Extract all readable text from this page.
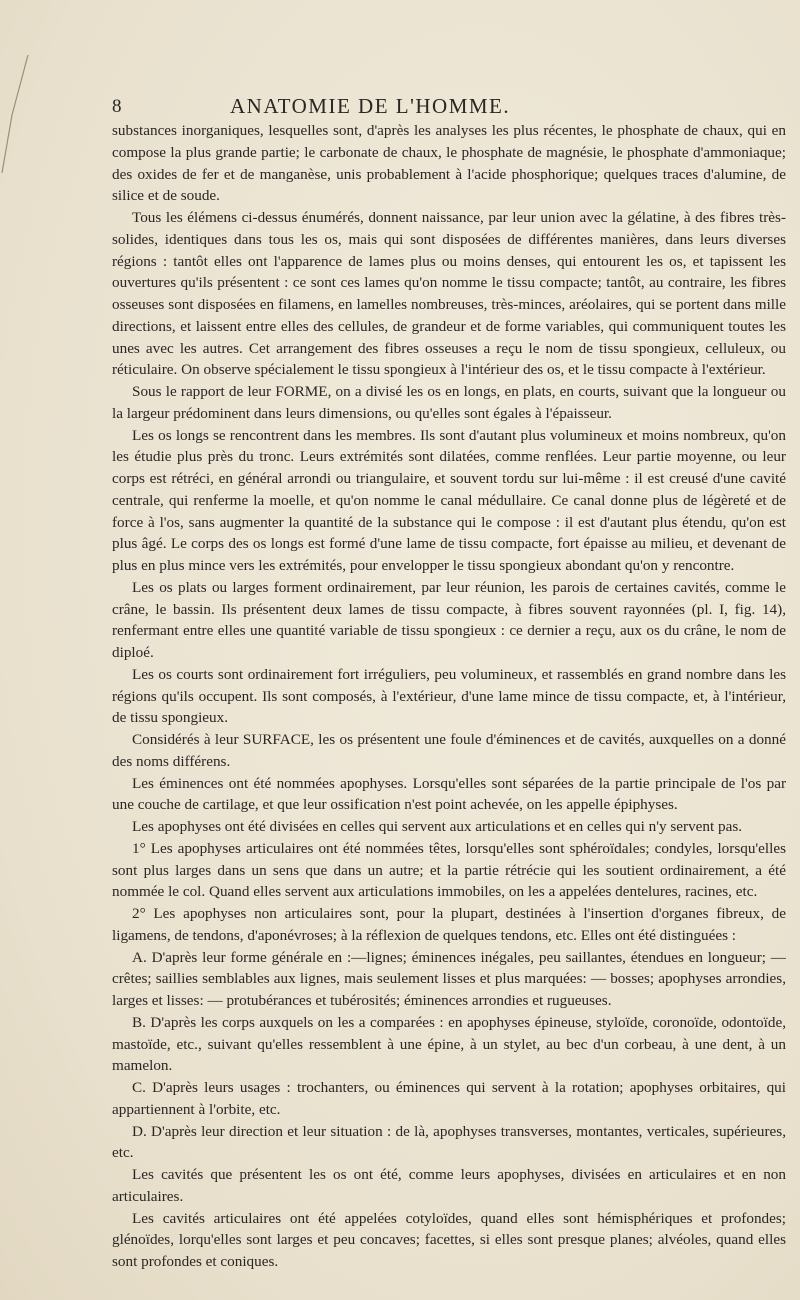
8	ANATOMIE DE L'HOMME.

substances inorganiques, lesquelles sont, d'après les analyses les plus récentes, le phosphate de chaux, qui en compose la plus grande partie; le carbonate de chaux, le phosphate de magnésie, le phosphate d'ammoniaque; des oxides de fer et de manganèse, unis probablement à l'acide phosphorique; quelques traces d'alumine, de silice et de soude.

Tous les élémens ci-dessus énumérés, donnent naissance, par leur union avec la gélatine, à des fibres très-solides, identiques dans tous les os, mais qui sont disposées de différentes manières, dans leurs diverses régions : tantôt elles ont l'apparence de lames plus ou moins denses, qui entourent les os, et tapissent les ouvertures qu'ils présentent : ce sont ces lames qu'on nomme le tissu compacte; tantôt, au contraire, les fibres osseuses sont disposées en filamens, en lamelles nombreuses, très-minces, aréolaires, qui se portent dans mille directions, et laissent entre elles des cellules, de grandeur et de forme variables, qui communiquent toutes les unes avec les autres. Cet arrangement des fibres osseuses a reçu le nom de tissu spongieux, celluleux, ou réticulaire. On observe spécialement le tissu spongieux à l'intérieur des os, et le tissu compacte à l'extérieur.

Sous le rapport de leur FORME, on a divisé les os en longs, en plats, en courts, suivant que la longueur ou la largeur prédominent dans leurs dimensions, ou qu'elles sont égales à l'épaisseur.

Les os longs se rencontrent dans les membres. Ils sont d'autant plus volumineux et moins nombreux, qu'on les étudie plus près du tronc. Leurs extrémités sont dilatées, comme renflées. Leur partie moyenne, ou leur corps est rétréci, en général arrondi ou triangulaire, et souvent tordu sur lui-même : il est creusé d'une cavité centrale, qui renferme la moelle, et qu'on nomme le canal médullaire. Ce canal donne plus de légèreté et de force à l'os, sans augmenter la quantité de la substance qui le compose : il est d'autant plus étendu, qu'on est plus âgé. Le corps des os longs est formé d'une lame de tissu compacte, fort épaisse au milieu, et devenant de plus en plus mince vers les extrémités, pour envelopper le tissu spongieux abondant qu'on y rencontre.

Les os plats ou larges forment ordinairement, par leur réunion, les parois de certaines cavités, comme le crâne, le bassin. Ils présentent deux lames de tissu compacte, à fibres souvent rayonnées (pl. I, fig. 14), renfermant entre elles une quantité variable de tissu spongieux : ce dernier a reçu, aux os du crâne, le nom de diploé.

Les os courts sont ordinairement fort irréguliers, peu volumineux, et rassemblés en grand nombre dans les régions qu'ils occupent. Ils sont composés, à l'extérieur, d'une lame mince de tissu compacte, et, à l'intérieur, de tissu spongieux.

Considérés à leur SURFACE, les os présentent une foule d'éminences et de cavités, auxquelles on a donné des noms différens.

Les éminences ont été nommées apophyses. Lorsqu'elles sont séparées de la partie principale de l'os par une couche de cartilage, et que leur ossification n'est point achevée, on les appelle épiphyses.

Les apophyses ont été divisées en celles qui servent aux articulations et en celles qui n'y servent pas.

1° Les apophyses articulaires ont été nommées têtes, lorsqu'elles sont sphéroïdales; condyles, lorsqu'elles sont plus larges dans un sens que dans un autre; et la partie rétrécie qui les soutient ordinairement, a été nommée le col. Quand elles servent aux articulations immobiles, on les a appelées dentelures, racines, etc.

2° Les apophyses non articulaires sont, pour la plupart, destinées à l'insertion d'organes fibreux, de ligamens, de tendons, d'aponévroses; à la réflexion de quelques tendons, etc. Elles ont été distinguées :

A. D'après leur forme générale en :—lignes; éminences inégales, peu saillantes, étendues en longueur; — crêtes; saillies semblables aux lignes, mais seulement lisses et plus marquées: — bosses; apophyses arrondies, larges et lisses: — protubérances et tubérosités; éminences arrondies et rugueuses.

B. D'après les corps auxquels on les a comparées : en apophyses épineuse, styloïde, coronoïde, odontoïde, mastoïde, etc., suivant qu'elles ressemblent à une épine, à un stylet, au bec d'un corbeau, à une dent, à un mamelon.

C. D'après leurs usages : trochanters, ou éminences qui servent à la rotation; apophyses orbitaires, qui appartiennent à l'orbite, etc.

D. D'après leur direction et leur situation : de là, apophyses transverses, montantes, verticales, supérieures, etc.

Les cavités que présentent les os ont été, comme leurs apophyses, divisées en articulaires et en non articulaires.

Les cavités articulaires ont été appelées cotyloïdes, quand elles sont hémisphériques et profondes; glénoïdes, lorqu'elles sont larges et peu concaves; facettes, si elles sont presque planes; alvéoles, quand elles sont profondes et coniques.
